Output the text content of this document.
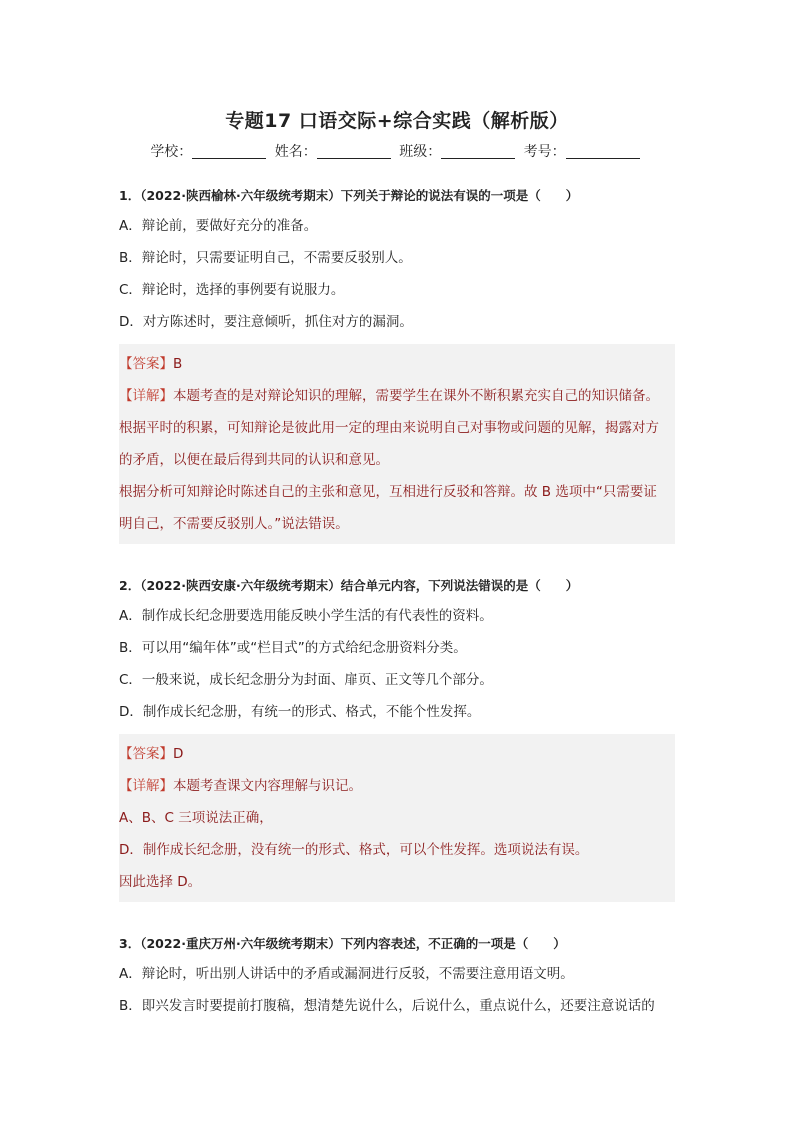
专题17 口语交际+综合实践（解析版）
学校：	姓名：	班级：	考号：
1．（2022·陕西榆林·六年级统考期末）下列关于辩论的说法有误的一项是（　　）
A．辩论前，要做好充分的准备。
B．辩论时，只需要证明自己，不需要反驳别人。
C．辩论时，选择的事例要有说服力。
D．对方陈述时，要注意倾听，抓住对方的漏洞。
【答案】B
【详解】本题考查的是对辩论知识的理解，需要学生在课外不断积累充实自己的知识储备。
根据平时的积累，可知辩论是彼此用一定的理由来说明自己对事物或问题的见解，揭露对方
的矛盾，以便在最后得到共同的认识和意见。
根据分析可知辩论时陈述自己的主张和意见，互相进行反驳和答辩。故 B 选项中“只需要证
明自己，不需要反驳别人。”说法错误。
2．（2022·陕西安康·六年级统考期末）结合单元内容，下列说法错误的是（　　）
A．制作成长纪念册要选用能反映小学生活的有代表性的资料。
B．可以用“编年体”或“栏目式”的方式给纪念册资料分类。
C．一般来说，成长纪念册分为封面、扉页、正文等几个部分。
D．制作成长纪念册，有统一的形式、格式，不能个性发挥。
【答案】D
【详解】本题考查课文内容理解与识记。
A、B、C 三项说法正确，
D．制作成长纪念册，没有统一的形式、格式，可以个性发挥。选项说法有误。
因此选择 D。
3．（2022·重庆万州·六年级统考期末）下列内容表述，不正确的一项是（　　）
A．辩论时，听出别人讲话中的矛盾或漏洞进行反驳，不需要注意用语文明。
B．即兴发言时要提前打腹稿，想清楚先说什么，后说什么，重点说什么，还要注意说话的
